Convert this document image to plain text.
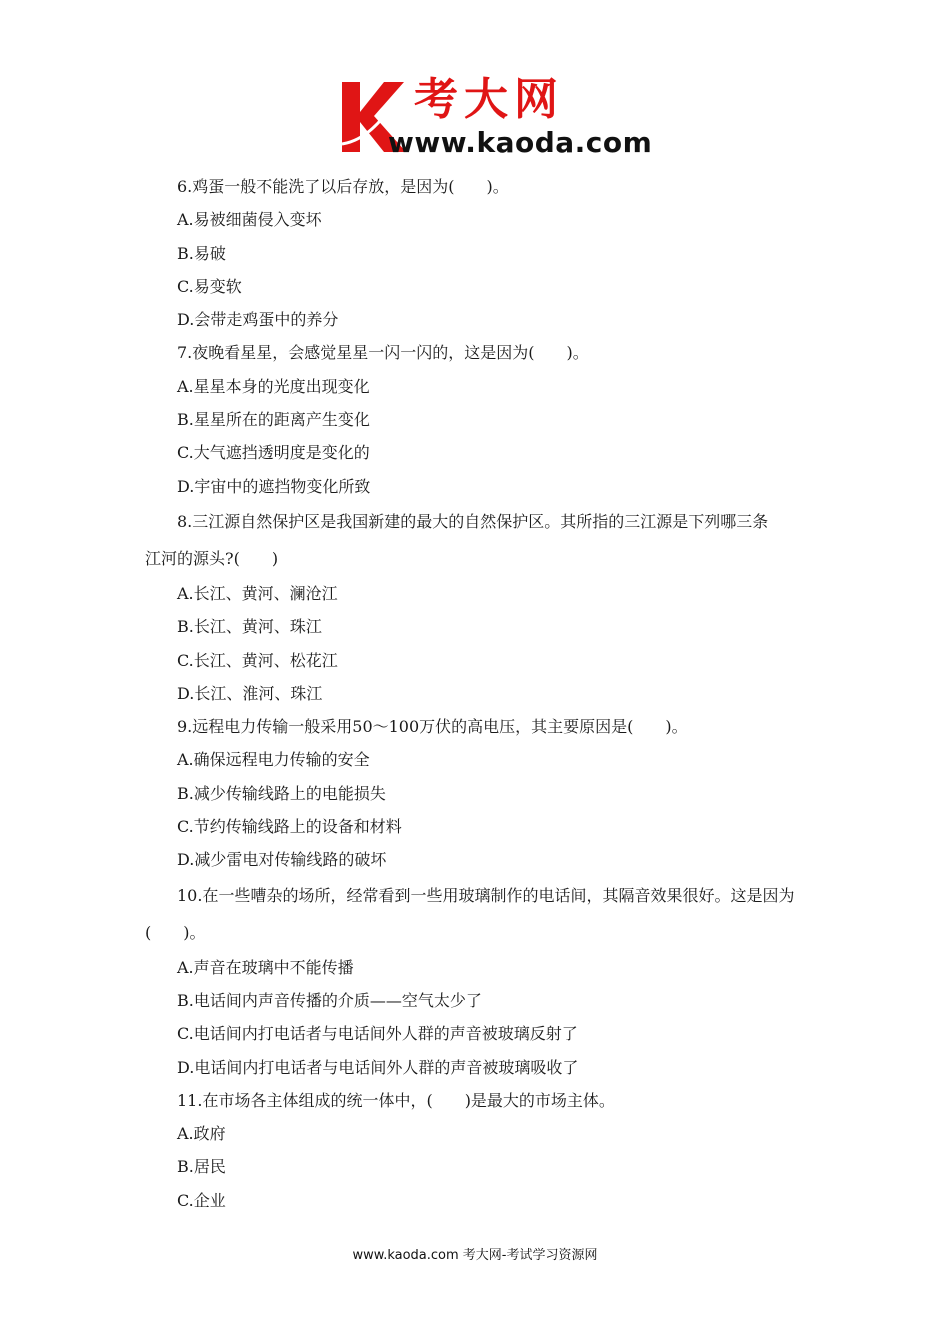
考大网
www.kaoda.com
6.鸡蛋一般不能洗了以后存放，是因为(　　)。
A.易被细菌侵入变坏
B.易破
C.易变软
D.会带走鸡蛋中的养分
7.夜晚看星星，会感觉星星一闪一闪的，这是因为(　　)。
A.星星本身的光度出现变化
B.星星所在的距离产生变化
C.大气遮挡透明度是变化的
D.宇宙中的遮挡物变化所致
8.三江源自然保护区是我国新建的最大的自然保护区。其所指的三江源是下列哪三条
江河的源头?(　　)
A.长江、黄河、澜沧江
B.长江、黄河、珠江
C.长江、黄河、松花江
D.长江、淮河、珠江
9.远程电力传输一般采用50～100万伏的高电压，其主要原因是(　　)。
A.确保远程电力传输的安全
B.减少传输线路上的电能损失
C.节约传输线路上的设备和材料
D.减少雷电对传输线路的破坏
10.在一些嘈杂的场所，经常看到一些用玻璃制作的电话间，其隔音效果很好。这是因为
(　　)。
A.声音在玻璃中不能传播
B.电话间内声音传播的介质——空气太少了
C.电话间内打电话者与电话间外人群的声音被玻璃反射了
D.电话间内打电话者与电话间外人群的声音被玻璃吸收了
11.在市场各主体组成的统一体中，(　　)是最大的市场主体。
A.政府
B.居民
C.企业
www.kaoda.com 考大网-考试学习资源网
